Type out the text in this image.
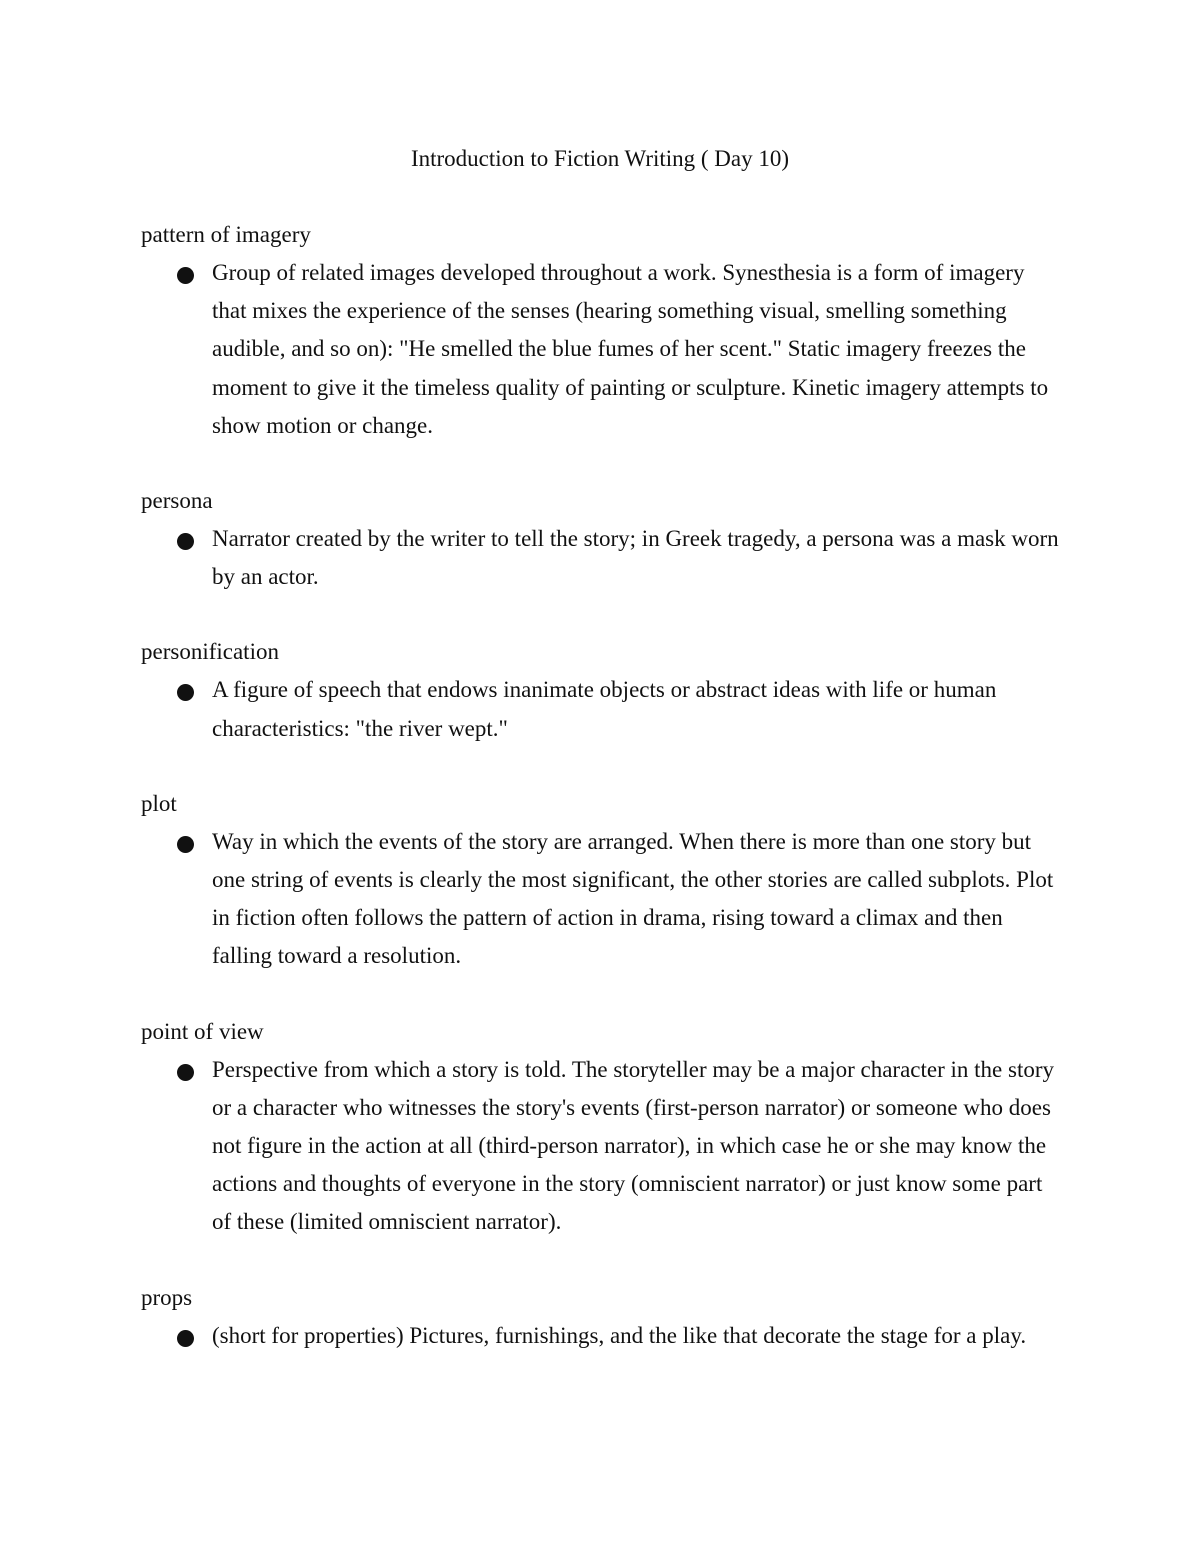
Introduction to Fiction Writing ( Day 10)

pattern of imagery

Group of related images developed throughout a work. Synesthesia is a form of imagery that mixes the experience of the senses (hearing something visual, smelling something audible, and so on): "He smelled the blue fumes of her scent." Static imagery freezes the moment to give it the timeless quality of painting or sculpture. Kinetic imagery attempts to show motion or change.

persona

Narrator created by the writer to tell the story; in Greek tragedy, a persona was a mask worn by an actor.

personification

A figure of speech that endows inanimate objects or abstract ideas with life or human characteristics: "the river wept."

plot

Way in which the events of the story are arranged. When there is more than one story but one string of events is clearly the most significant, the other stories are called subplots. Plot in fiction often follows the pattern of action in drama, rising toward a climax and then falling toward a resolution.

point of view

Perspective from which a story is told. The storyteller may be a major character in the story or a character who witnesses the story's events (first-person narrator) or someone who does not figure in the action at all (third-person narrator), in which case he or she may know the actions and thoughts of everyone in the story (omniscient narrator) or just know some part of these (limited omniscient narrator).

props

(short for properties) Pictures, furnishings, and the like that decorate the stage for a play.
